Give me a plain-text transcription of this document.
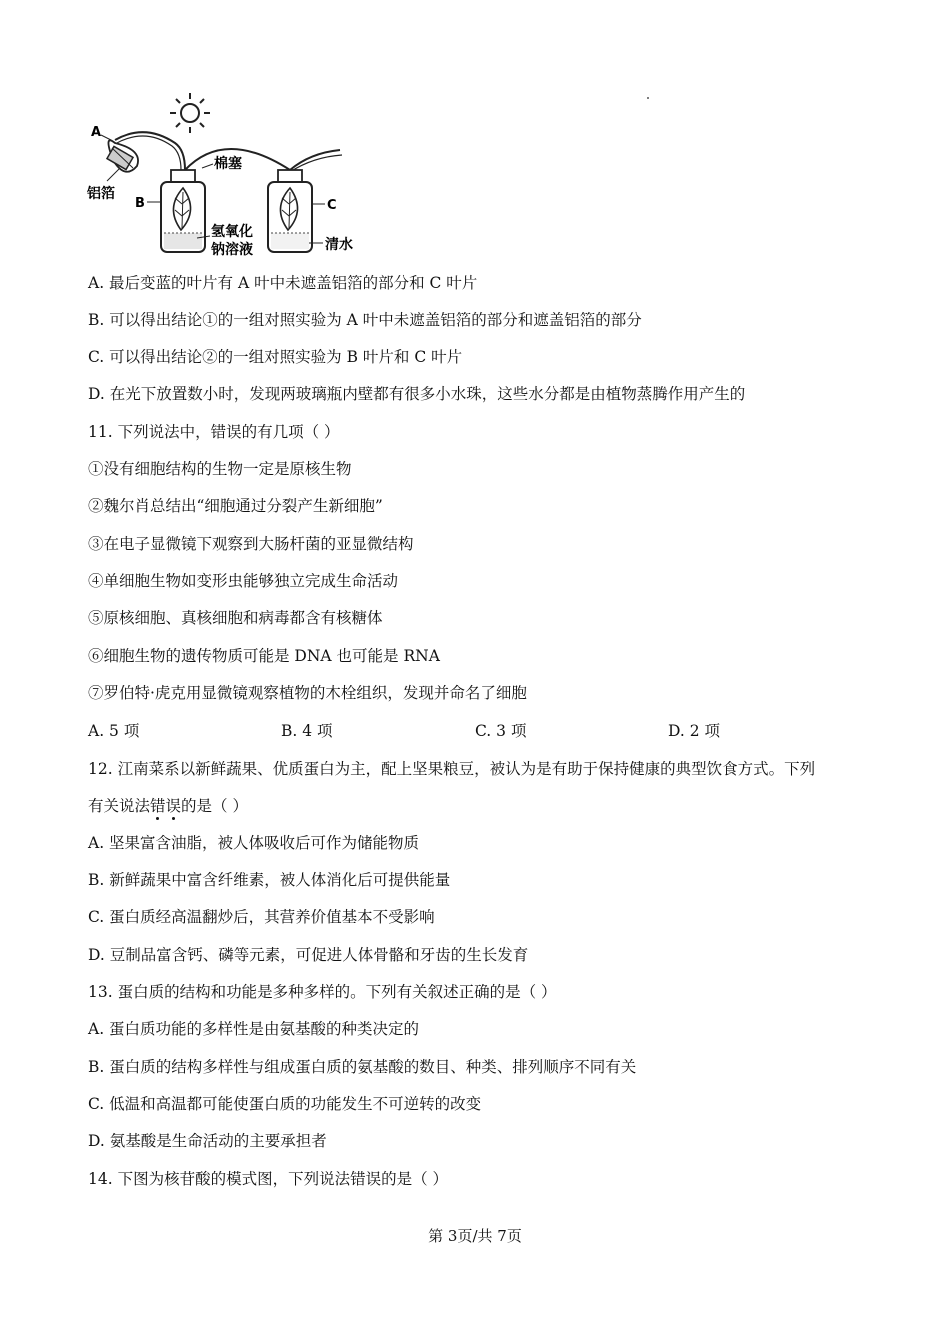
A
铝箔
B	C
棉塞
氢氧化
钠溶液	清水
A. 最后变蓝的叶片有 A 叶中未遮盖铝箔的部分和 C 叶片
B. 可以得出结论①的一组对照实验为 A 叶中未遮盖铝箔的部分和遮盖铝箔的部分
C. 可以得出结论②的一组对照实验为 B 叶片和 C 叶片
D. 在光下放置数小时，发现两玻璃瓶内壁都有很多小水珠，这些水分都是由植物蒸腾作用产生的
11. 下列说法中，错误的有几项（ ）
①没有细胞结构的生物一定是原核生物
②魏尔肖总结出“细胞通过分裂产生新细胞”
③在电子显微镜下观察到大肠杆菌的亚显微结构
④单细胞生物如变形虫能够独立完成生命活动
⑤原核细胞、真核细胞和病毒都含有核糖体
⑥细胞生物的遗传物质可能是 DNA 也可能是 RNA
⑦罗伯特·虎克用显微镜观察植物的木栓组织，发现并命名了细胞
A. 5 项	B. 4 项	C. 3 项	D. 2 项
12. 江南菜系以新鲜蔬果、优质蛋白为主，配上坚果粮豆，被认为是有助于保持健康的典型饮食方式。下列
有关说法错误的是（ ）
A. 坚果富含油脂，被人体吸收后可作为储能物质
B. 新鲜蔬果中富含纤维素，被人体消化后可提供能量
C. 蛋白质经高温翻炒后，其营养价值基本不受影响
D. 豆制品富含钙、磷等元素，可促进人体骨骼和牙齿的生长发育
13. 蛋白质的结构和功能是多种多样的。下列有关叙述正确的是（ ）
A. 蛋白质功能的多样性是由氨基酸的种类决定的
B. 蛋白质的结构多样性与组成蛋白质的氨基酸的数目、种类、排列顺序不同有关
C. 低温和高温都可能使蛋白质的功能发生不可逆转的改变
D. 氨基酸是生命活动的主要承担者
14. 下图为核苷酸的模式图，下列说法错误的是（ ）
第 3页/共 7页
